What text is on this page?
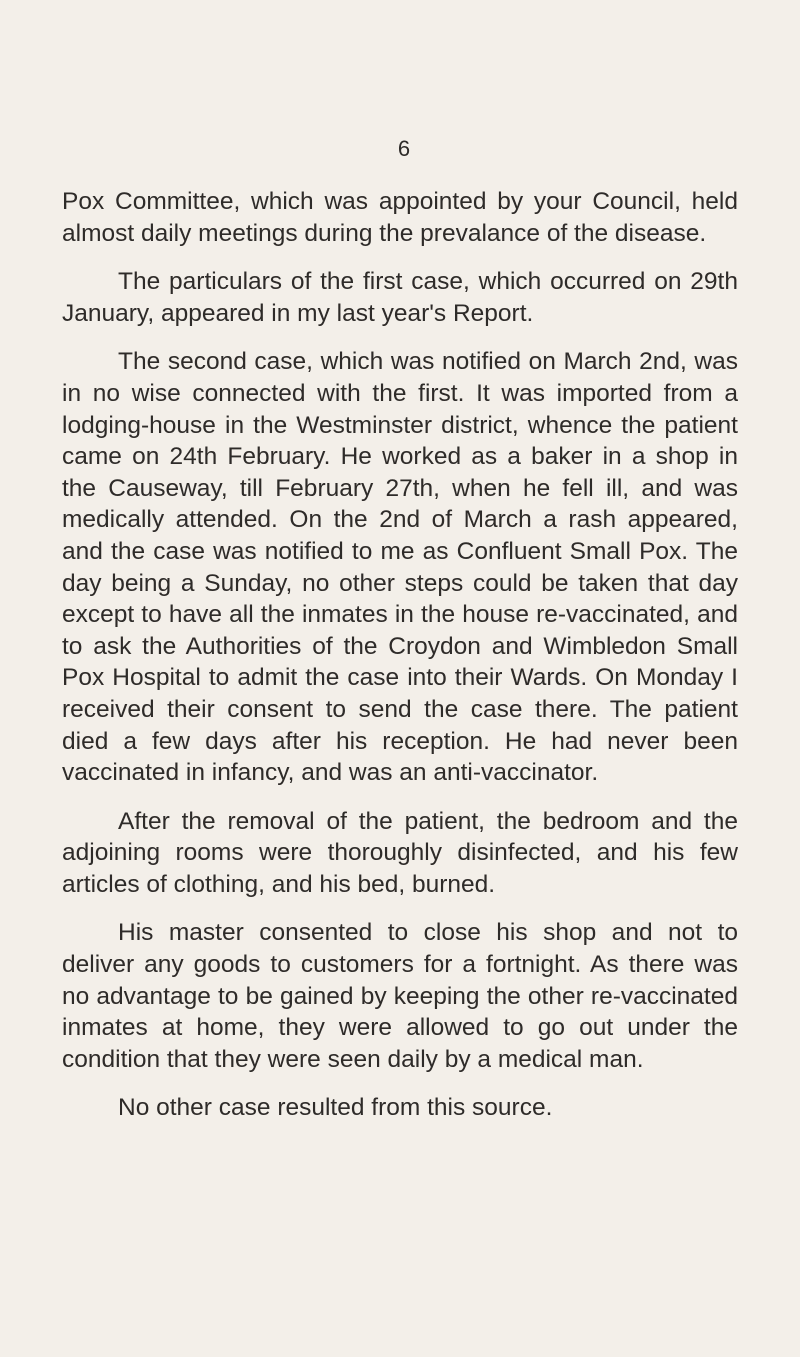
6

Pox Committee, which was appointed by your Council, held almost daily meetings during the prevalance of the disease.

The particulars of the first case, which occurred on 29th January, appeared in my last year's Report.

The second case, which was notified on March 2nd, was in no wise connected with the first. It was imported from a lodging-house in the Westminster district, whence the patient came on 24th February. He worked as a baker in a shop in the Causeway, till February 27th, when he fell ill, and was medically attended. On the 2nd of March a rash appeared, and the case was notified to me as Confluent Small Pox. The day being a Sunday, no other steps could be taken that day except to have all the inmates in the house re-vaccinated, and to ask the Authorities of the Croydon and Wimbledon Small Pox Hospital to admit the case into their Wards. On Monday I received their consent to send the case there. The patient died a few days after his reception. He had never been vaccinated in infancy, and was an anti-vaccinator.

After the removal of the patient, the bedroom and the adjoining rooms were thoroughly disinfected, and his few articles of clothing, and his bed, burned.

His master consented to close his shop and not to deliver any goods to customers for a fortnight. As there was no advantage to be gained by keeping the other re-vaccinated inmates at home, they were allowed to go out under the condition that they were seen daily by a medical man.

No other case resulted from this source.
